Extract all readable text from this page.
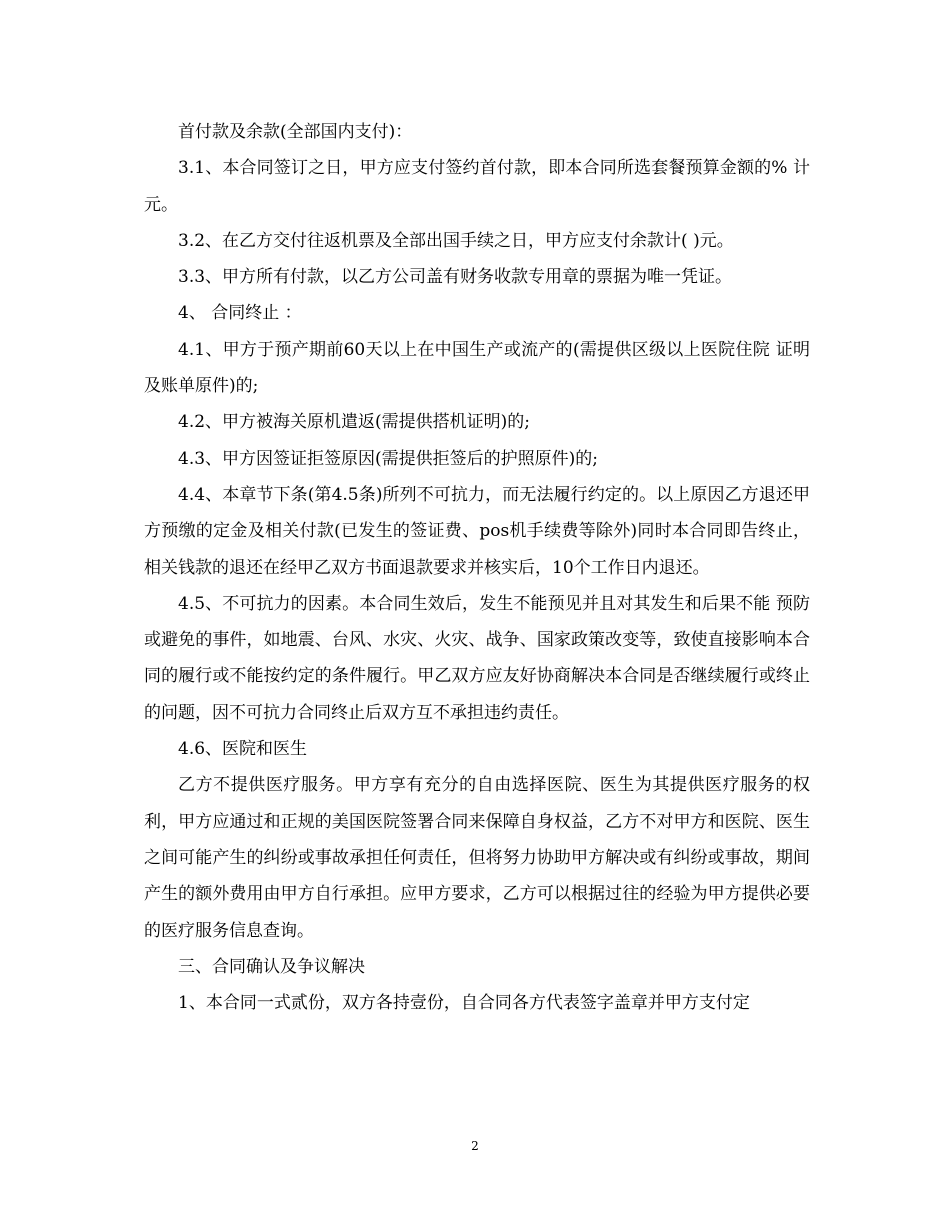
首付款及余款(全部国内支付)：

3.1、本合同签订之日，甲方应支付签约首付款，即本合同所选套餐预算金额的% 计元。

3.2、在乙方交付往返机票及全部出国手续之日，甲方应支付余款计( )元。

3.3、甲方所有付款，以乙方公司盖有财务收款专用章的票据为唯一凭证。

4、 合同终止 ：

4.1、甲方于预产期前60天以上在中国生产或流产的(需提供区级以上医院住院 证明及账单原件)的;

4.2、甲方被海关原机遣返(需提供搭机证明)的;

4.3、甲方因签证拒签原因(需提供拒签后的护照原件)的;

4.4、本章节下条(第4.5条)所列不可抗力，而无法履行约定的。以上原因乙方退还甲方预缴的定金及相关付款(已发生的签证费、pos机手续费等除外)同时本合同即告终止，相关钱款的退还在经甲乙双方书面退款要求并核实后，10个工作日内退还。

4.5、不可抗力的因素。本合同生效后，发生不能预见并且对其发生和后果不能 预防或避免的事件，如地震、台风、水灾、火灾、战争、国家政策改变等，致使直接影响本合同的履行或不能按约定的条件履行。甲乙双方应友好协商解决本合同是否继续履行或终止的问题，因不可抗力合同终止后双方互不承担违约责任。

4.6、医院和医生

乙方不提供医疗服务。甲方享有充分的自由选择医院、医生为其提供医疗服务的权利，甲方应通过和正规的美国医院签署合同来保障自身权益，乙方不对甲方和医院、医生之间可能产生的纠纷或事故承担任何责任，但将努力协助甲方解决或有纠纷或事故，期间产生的额外费用由甲方自行承担。应甲方要求，乙方可以根据过往的经验为甲方提供必要的医疗服务信息查询。

三、合同确认及争议解决

1、本合同一式贰份，双方各持壹份，自合同各方代表签字盖章并甲方支付定

2
